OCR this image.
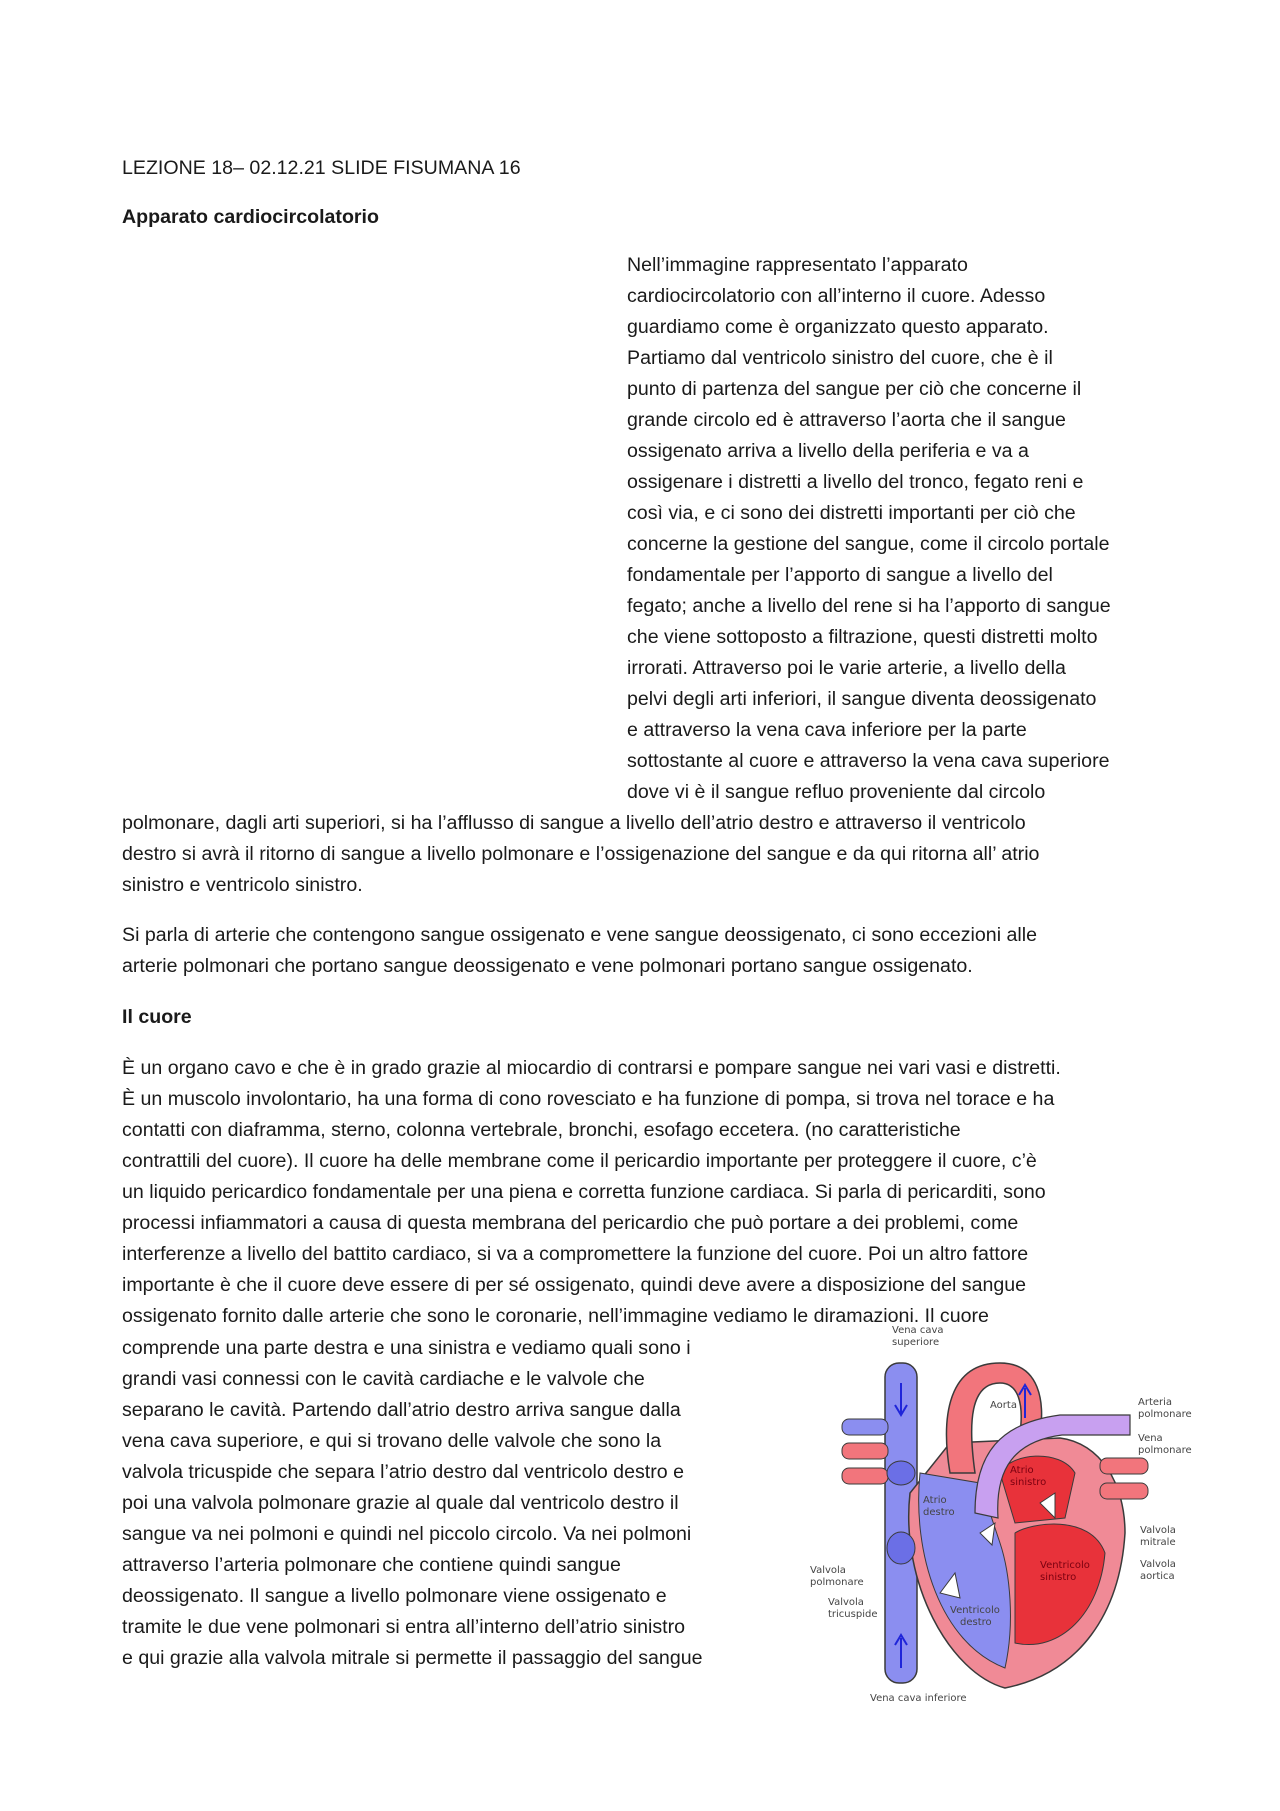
LEZIONE 18– 02.12.21 SLIDE FISUMANA 16
Apparato cardiocircolatorio
Nell’immagine rappresentato l’apparato
cardiocircolatorio con all’interno il cuore. Adesso
guardiamo come è organizzato questo apparato.
Partiamo dal ventricolo sinistro del cuore, che è il
punto di partenza del sangue per ciò che concerne il
grande circolo ed è attraverso l’aorta che il sangue
ossigenato arriva a livello della periferia e va a
ossigenare i distretti a livello del tronco, fegato reni e
così via, e ci sono dei distretti importanti per ciò che
concerne la gestione del sangue, come il circolo portale
fondamentale per l’apporto di sangue a livello del
fegato; anche a livello del rene si ha l’apporto di sangue
che viene sottoposto a filtrazione, questi distretti molto
irrorati. Attraverso poi le varie arterie, a livello della
pelvi degli arti inferiori, il sangue diventa deossigenato
e attraverso la vena cava inferiore per la parte
sottostante al cuore e attraverso la vena cava superiore
dove vi è il sangue refluo proveniente dal circolo
polmonare, dagli arti superiori, si ha l’afflusso di sangue a livello dell’atrio destro e attraverso il ventricolo
destro si avrà il ritorno di sangue a livello polmonare e l’ossigenazione del sangue e da qui ritorna all’ atrio
sinistro e ventricolo sinistro.
Si parla di arterie che contengono sangue ossigenato e vene sangue deossigenato, ci sono eccezioni alle
arterie polmonari che portano sangue deossigenato e vene polmonari portano sangue ossigenato.
Il cuore
È un organo cavo e che è in grado grazie al miocardio di contrarsi e pompare sangue nei vari vasi e distretti.
È un muscolo involontario, ha una forma di cono rovesciato e ha funzione di pompa, si trova nel torace e ha
contatti con diaframma, sterno, colonna vertebrale, bronchi, esofago eccetera. (no caratteristiche
contrattili del cuore). Il cuore ha delle membrane come il pericardio importante per proteggere il cuore, c’è
un liquido pericardico fondamentale per una piena e corretta funzione cardiaca. Si parla di pericarditi, sono
processi infiammatori a causa di questa membrana del pericardio che può portare a dei problemi, come
interferenze a livello del battito cardiaco, si va a compromettere la funzione del cuore. Poi un altro fattore
importante è che il cuore deve essere di per sé ossigenato, quindi deve avere a disposizione del sangue
ossigenato fornito dalle arterie che sono le coronarie, nell’immagine vediamo le diramazioni. Il cuore
comprende una parte destra e una sinistra e vediamo quali sono i
grandi vasi connessi con le cavità cardiache e le valvole che
separano le cavità. Partendo dall’atrio destro arriva sangue dalla
vena cava superiore, e qui si trovano delle valvole che sono la
valvola tricuspide che separa l’atrio destro dal ventricolo destro e
poi una valvola polmonare grazie al quale dal ventricolo destro il
sangue va nei polmoni e quindi nel piccolo circolo. Va nei polmoni
attraverso l’arteria polmonare che contiene quindi sangue
deossigenato. Il sangue a livello polmonare viene ossigenato e
tramite le due vene polmonari si entra all’interno dell’atrio sinistro
e qui grazie alla valvola mitrale si permette il passaggio del sangue
Vena cava
superiore
Aorta	Arteria
polmonare
Vena
polmonare
Atrio
sinistro
Atrio
destro
Valvola
mitrale
Valvola
aortica
Ventricolo
sinistro
Valvola
polmonare
Valvola
tricuspide	Ventricolo
destro
Vena cava inferiore
